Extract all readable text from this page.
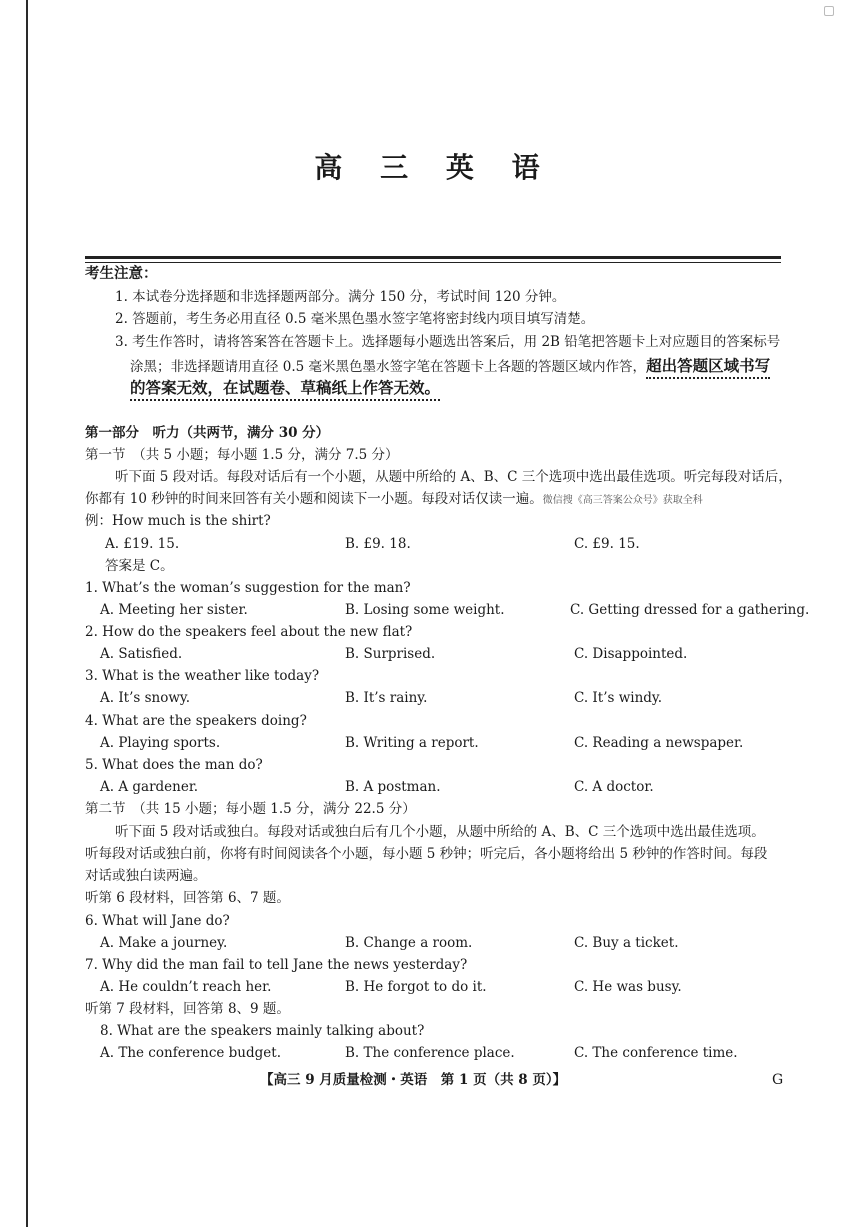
高 三 英 语
考生注意：
1. 本试卷分选择题和非选择题两部分。满分 150 分，考试时间 120 分钟。
2. 答题前，考生务必用直径 0.5 毫米黑色墨水签字笔将密封线内项目填写清楚。
3. 考生作答时，请将答案答在答题卡上。选择题每小题选出答案后，用 2B 铅笔把答题卡上对应题目的答案标号
涂黑；非选择题请用直径 0.5 毫米黑色墨水签字笔在答题卡上各题的答题区域内作答，超出答题区域书写
的答案无效，在试题卷、草稿纸上作答无效。
第一部分　听力（共两节，满分 30 分）
第一节　（共 5 小题；每小题 1.5 分，满分 7.5 分）
听下面 5 段对话。每段对话后有一个小题，从题中所给的 A、B、C 三个选项中选出最佳选项。听完每段对话后，
你都有 10 秒钟的时间来回答有关小题和阅读下一小题。每段对话仅读一遍。微信搜《高三答案公众号》获取全科
例：How much is the shirt?
A. £19. 15.	B. £9. 18.	C. £9. 15.
答案是 C。
1. What’s the woman’s suggestion for the man?
A. Meeting her sister.	B. Losing some weight.	C. Getting dressed for a gathering.
2. How do the speakers feel about the new flat?
A. Satisfied.	B. Surprised.	C. Disappointed.
3. What is the weather like today?
A. It’s snowy.	B. It’s rainy.	C. It’s windy.
4. What are the speakers doing?
A. Playing sports.	B. Writing a report.	C. Reading a newspaper.
5. What does the man do?
A. A gardener.	B. A postman.	C. A doctor.
第二节　（共 15 小题；每小题 1.5 分，满分 22.5 分）
听下面 5 段对话或独白。每段对话或独白后有几个小题，从题中所给的 A、B、C 三个选项中选出最佳选项。
听每段对话或独白前，你将有时间阅读各个小题，每小题 5 秒钟；听完后，各小题将给出 5 秒钟的作答时间。每段
对话或独白读两遍。
听第 6 段材料，回答第 6、7 题。
6. What will Jane do?
A. Make a journey.	B. Change a room.	C. Buy a ticket.
7. Why did the man fail to tell Jane the news yesterday?
A. He couldn’t reach her.	B. He forgot to do it.	C. He was busy.
听第 7 段材料，回答第 8、9 题。
8. What are the speakers mainly talking about?
A. The conference budget.	B. The conference place.	C. The conference time.
【高三 9 月质量检测・英语　第 1 页（共 8 页）】	G
